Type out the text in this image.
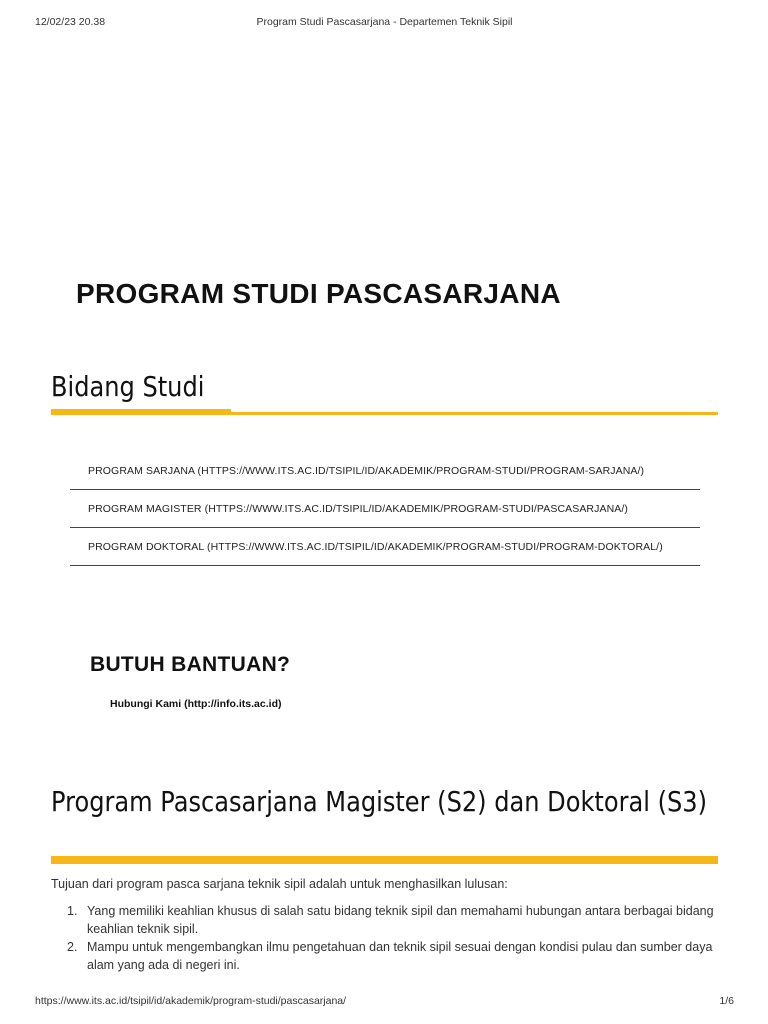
12/02/23 20.38	Program Studi Pascasarjana - Departemen Teknik Sipil
PROGRAM STUDI PASCASARJANA
Bidang Studi
PROGRAM SARJANA (HTTPS://WWW.ITS.AC.ID/TSIPIL/ID/AKADEMIK/PROGRAM-STUDI/PROGRAM-SARJANA/)
PROGRAM MAGISTER (HTTPS://WWW.ITS.AC.ID/TSIPIL/ID/AKADEMIK/PROGRAM-STUDI/PASCASARJANA/)
PROGRAM DOKTORAL (HTTPS://WWW.ITS.AC.ID/TSIPIL/ID/AKADEMIK/PROGRAM-STUDI/PROGRAM-DOKTORAL/)
BUTUH BANTUAN?
Hubungi Kami (http://info.its.ac.id)
Program Pascasarjana Magister (S2) dan Doktoral (S3)

Tujuan dari program pasca sarjana teknik sipil adalah untuk menghasilkan lulusan:

1. Yang memiliki keahlian khusus di salah satu bidang teknik sipil dan memahami hubungan antara berbagai bidang keahlian teknik sipil.
2. Mampu untuk mengembangkan ilmu pengetahuan dan teknik sipil sesuai dengan kondisi pulau dan sumber daya alam yang ada di negeri ini.
https://www.its.ac.id/tsipil/id/akademik/program-studi/pascasarjana/	1/6
